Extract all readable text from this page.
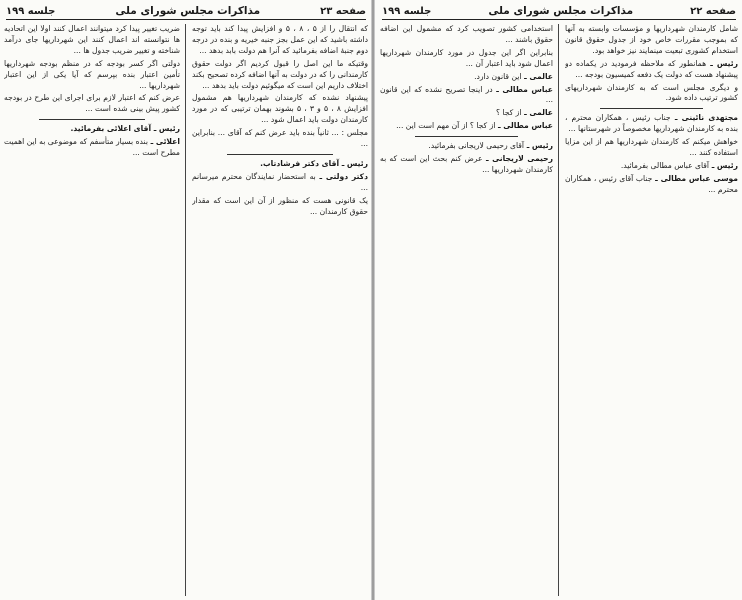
صفحه ۲۳
مذاکرات مجلس شورای ملی
جلسه ۱۹۹

که انتقال را از ۵ ، ۸ ، ۵ و افزایش پیدا کند باید توجه داشته باشید که این عمل بجز جنبه خیریه و بنده در درجه دوم جنبهٔ اضافه بفرمائید که آنرا هم دولت بابد بدهد ...

وقتیکه ما این اصل را قبول کردیم اگر دولت حقوق کارمندانی را که در دولت به آنها اضافه کرده تصحیح بکند اختلاف داریم این است که میگوئیم دولت باید بدهد ...

پیشنهاد نشده که کارمندان شهرداریها هم مشمول افزایش ۸ ، ۵ و ۳ ، ۵ بشوند بهمان ترتیبی که در مورد کارمندان دولت باید اعمال شود ...

مجلس : ... ثانیاً بنده باید عرض کنم که آقای ... بنابراین ...

رئیس ـ آقای دکتر فرشادتاب.

دکتر دولتی ـ به استحضار نمایندگان محترم میرسانم ...

یک قانونی هست که منظور از آن این است که مقدار حقوق کارمندان ...

ضریب تغییر پیدا کرد میتوانند اعمال کنند اولا این اتحادیه ها نتوانسته اند اعمال کنند این شهرداریها جای درآمد شناخته و تغییر ضریب جدول ها ...

دولتی اگر کسر بودجه که در منظم بودجه شهرداریها تأمین اعتبار بنده بپرسم که آیا یکی از این اعتبار شهرداریها ...

عرض کنم که اعتبار لازم برای اجرای این طرح در بودجه کشور پیش بینی شده است ...

رئیس ـ آقای اعلائی بفرمائید.

اعلائی ـ بنده بسیار متأسفم که موضوعی به این اهمیت مطرح است ...

صفحه ۲۲
مذاکرات مجلس شورای ملی
جلسه ۱۹۹

شامل کارمندان شهرداریها و مؤسسات وابسته به آنها که بموجب مقررات خاص خود از جدول حقوق قانون استخدام کشوری تبعیت مینمایند نیز خواهد بود.

رئیس ـ همانطور که ملاحظه فرمودید در یکماده دو پیشنهاد هست که دولت یک دفعه کمیسیون بودجه ...

و دیگری مجلس است که به کارمندان شهرداریهای کشور ترتیب داده شود.

مجتهدی نائینی ـ جناب رئیس ، همکاران محترم ، بنده به کارمندان شهرداریها مخصوصاً در شهرستانها ...

خواهش میکنم که کارمندان شهرداریها هم از این مزایا استفاده کنند ...

رئیس ـ آقای عباس مطالی بفرمائید.

موسی عباس مطالی ـ جناب آقای رئیس ، همکاران محترم ...

استخدامی کشور تصویب کرد که مشمول این اضافه حقوق باشند ...

بنابراین اگر این جدول در مورد کارمندان شهرداریها اعمال شود باید اعتبار آن ...

عالمی ـ این قانون دارد.

عباس مطالی ـ در اینجا تصریح نشده که این قانون ...

عالمی ـ از کجا ؟

عباس مطالی ـ از کجا ؟ از آن مهم است این ...

رئیس ـ آقای رحیمی لاریجانی بفرمائید.

رحیمی لاریجانی ـ عرض کنم بحث این است که به کارمندان شهرداریها ...
